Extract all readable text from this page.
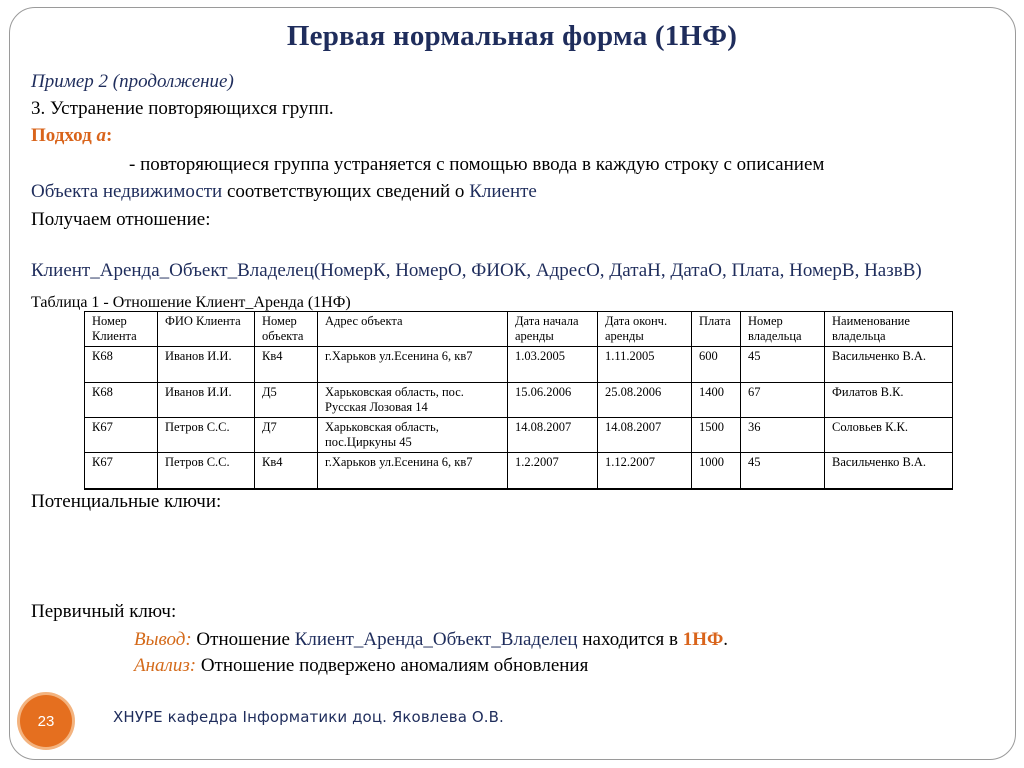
Первая нормальная форма (1НФ)
Пример 2 (продолжение)
3. Устранение повторяющихся групп.
Подход а:
- повторяющиеся группа устраняется с помощью ввода в каждую строку с описанием
Объекта недвижимости соответствующих сведений о Клиенте
Получаем отношение:
Клиент_Аренда_Объект_Владелец(НомерК, НомерО, ФИОК, АдресО, ДатаН, ДатаО, Плата, НомерВ, НазвВ)
Таблица 1 - Отношение Клиент_Аренда (1НФ)
Номер Клиента	ФИО Клиента	Номер объекта	Адрес объекта	Дата начала аренды	Дата оконч. аренды	Плата	Номер владельца	Наименование владельца
К68	Иванов И.И.	Кв4	г.Харьков ул.Есенина 6, кв7	1.03.2005	1.11.2005	600	45	Васильченко В.А.
К68	Иванов И.И.	Д5	Харьковская область, пос. Русская Лозовая 14	15.06.2006	25.08.2006	1400	67	Филатов В.К.
К67	Петров С.С.	Д7	Харьковская область, пос.Циркуны 45	14.08.2007	14.08.2007	1500	36	Соловьев К.К.
К67	Петров С.С.	Кв4	г.Харьков ул.Есенина 6, кв7	1.2.2007	1.12.2007	1000	45	Васильченко В.А.
Потенциальные ключи:
Первичный ключ:
Вывод: Отношение Клиент_Аренда_Объект_Владелец находится в 1НФ.
Анализ: Отношение подвержено аномалиям обновления
23	ХНУРЕ кафедра Інформатики доц. Яковлева О.В.
